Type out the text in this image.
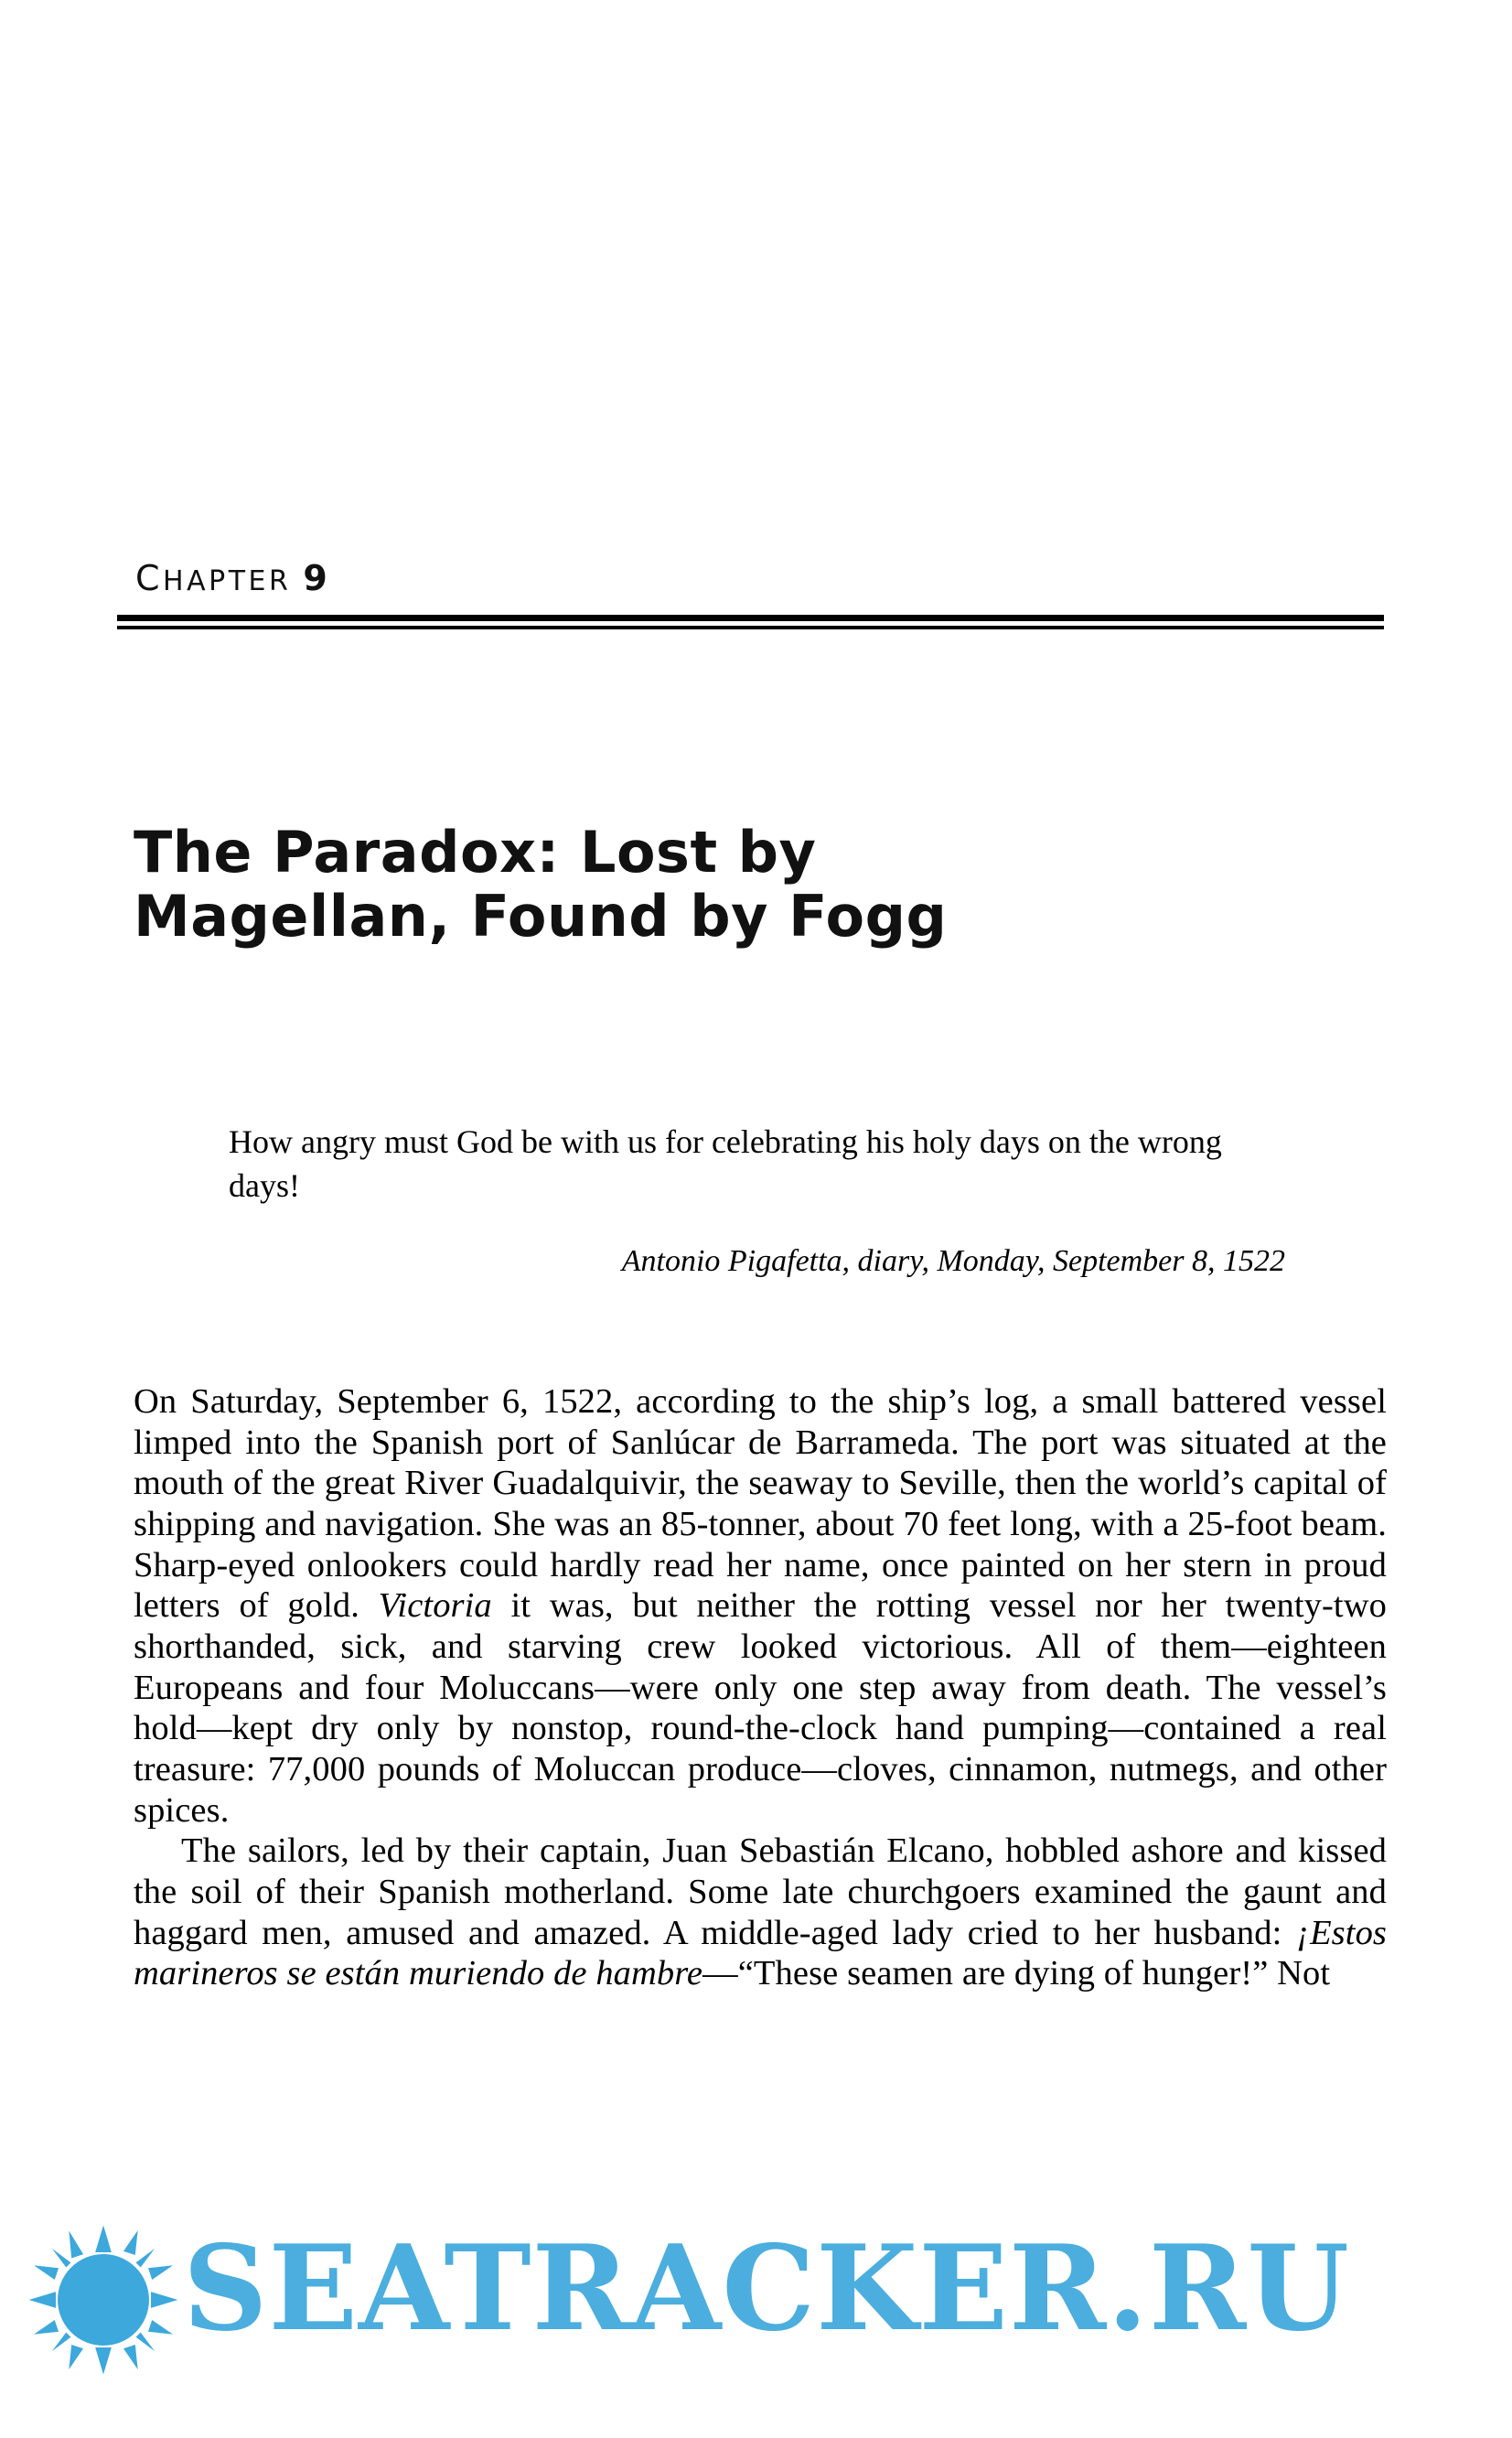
CHAPTER 9
The Paradox: Lost by
Magellan, Found by Fogg

How angry must God be with us for celebrating his holy days on the wrong days!

Antonio Pigafetta, diary, Monday, September 8, 1522

On Saturday, September 6, 1522, according to the ship’s log, a small battered vessel limped into the Spanish port of Sanlúcar de Barrameda. The port was situated at the mouth of the great River Guadalquivir, the seaway to Seville, then the world’s capital of shipping and navigation. She was an 85-tonner, about 70 feet long, with a 25-foot beam. Sharp-eyed onlookers could hardly read her name, once painted on her stern in proud letters of gold. Victoria it was, but neither the rotting vessel nor her twenty-two shorthanded, sick, and starving crew looked victorious. All of them—eighteen Europeans and four Moluccans—were only one step away from death. The vessel’s hold—kept dry only by nonstop, round-the-clock hand pumping—contained a real treasure: 77,000 pounds of Moluccan produce—cloves, cinnamon, nutmegs, and other spices.

The sailors, led by their captain, Juan Sebastián Elcano, hobbled ashore and kissed the soil of their Spanish motherland. Some late churchgoers examined the gaunt and haggard men, amused and amazed. A middle-aged lady cried to her husband: ¡Estos marineros se están muriendo de hambre—“These seamen are dying of hunger!” Not

SEATRACKER.RU
